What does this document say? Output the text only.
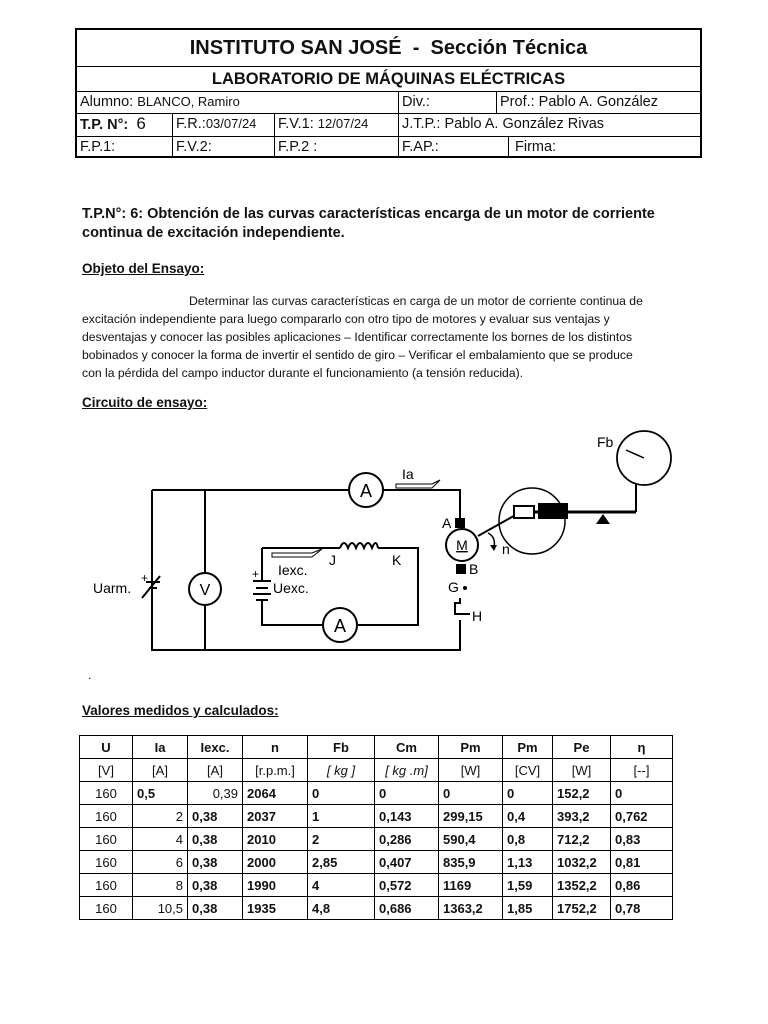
INSTITUTO SAN JOSÉ - Sección Técnica
LABORATORIO DE MÁQUINAS ELÉCTRICAS
Alumno: BLANCO, Ramiro	Div.:	Prof.: Pablo A. González
T.P. N°: 6	F.R.:03/07/24	F.V.1: 12/07/24	J.T.P.: Pablo A. González Rivas
F.P.1:	F.V.2:	F.P.2 :	F.AP.:	Firma:
T.P.N°: 6: Obtención de las curvas características encarga de un motor de corriente
continua de excitación independiente.
Objeto del Ensayo:
Determinar las curvas características en carga de un motor de corriente continua de
excitación independiente para luego compararlo con otro tipo de motores y evaluar sus ventajas y
desventajas y conocer las posibles aplicaciones – Identificar correctamente los bornes de los distintos
bobinados y conocer la forma de invertir el sentido de giro – Verificar el embalamiento que se produce
con la pérdida del campo inductor durante el funcionamiento (a tensión reducida).
Circuito de ensayo:
A
Ia
V
Uarm.
+	+
Uexc.
Iexc.
J	K
A
A
M
B
G
H
n
Fb
.
Valores medidos y calculados:
U	Ia	Iexc.	n	Fb	Cm	Pm	Pm	Pe	η
[V]	[A]	[A]	[r.p.m.]	[ kg ]	[ kg .m]	[W]	[CV]	[W]	[--]
160	0,5	0,39	2064	0	0	0	0	152,2	0
160	2	0,38	2037	1	0,143	299,15	0,4	393,2	0,762
160	4	0,38	2010	2	0,286	590,4	0,8	712,2	0,83
160	6	0,38	2000	2,85	0,407	835,9	1,13	1032,2	0,81
160	8	0,38	1990	4	0,572	1169	1,59	1352,2	0,86
160	10,5	0,38	1935	4,8	0,686	1363,2	1,85	1752,2	0,78
